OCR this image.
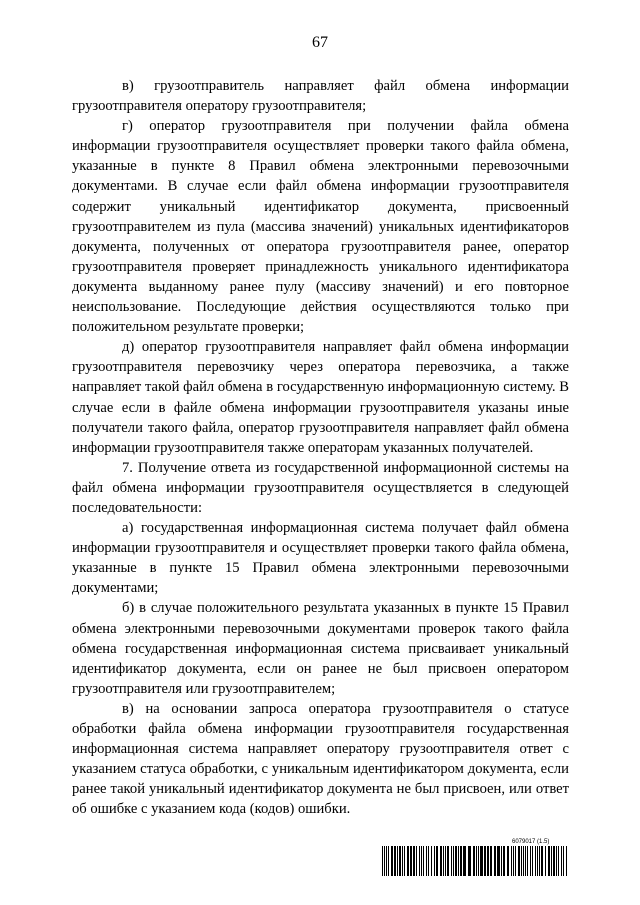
67

в) грузоотправитель направляет файл обмена информации грузоотправителя оператору грузоотправителя;

г) оператор грузоотправителя при получении файла обмена информации грузоотправителя осуществляет проверки такого файла обмена, указанные в пункте 8 Правил обмена электронными перевозочными документами. В случае если файл обмена информации грузоотправителя содержит уникальный идентификатор документа, присвоенный грузоотправителем из пула (массива значений) уникальных идентификаторов документа, полученных от оператора грузоотправителя ранее, оператор грузоотправителя проверяет принадлежность уникального идентификатора документа выданному ранее пулу (массиву значений) и его повторное неиспользование. Последующие действия осуществляются только при положительном результате проверки;

д) оператор грузоотправителя направляет файл обмена информации грузоотправителя перевозчику через оператора перевозчика, а также направляет такой файл обмена в государственную информационную систему. В случае если в файле обмена информации грузоотправителя указаны иные получатели такого файла, оператор грузоотправителя направляет файл обмена информации грузоотправителя также операторам указанных получателей.

7. Получение ответа из государственной информационной системы на файл обмена информации грузоотправителя осуществляется в следующей последовательности:

а) государственная информационная система получает файл обмена информации грузоотправителя и осуществляет проверки такого файла обмена, указанные в пункте 15 Правил обмена электронными перевозочными документами;

б) в случае положительного результата указанных в пункте 15 Правил обмена электронными перевозочными документами проверок такого файла обмена государственная информационная система присваивает уникальный идентификатор документа, если он ранее не был присвоен оператором грузоотправителя или грузоотправителем;

в) на основании запроса оператора грузоотправителя о статусе обработки файла обмена информации грузоотправителя государственная информационная система направляет оператору грузоотправителя ответ с указанием статуса обработки, с уникальным идентификатором документа, если ранее такой уникальный идентификатор документа не был присвоен, или ответ об ошибке с указанием кода (кодов) ошибки.

6079017 (1.5)
